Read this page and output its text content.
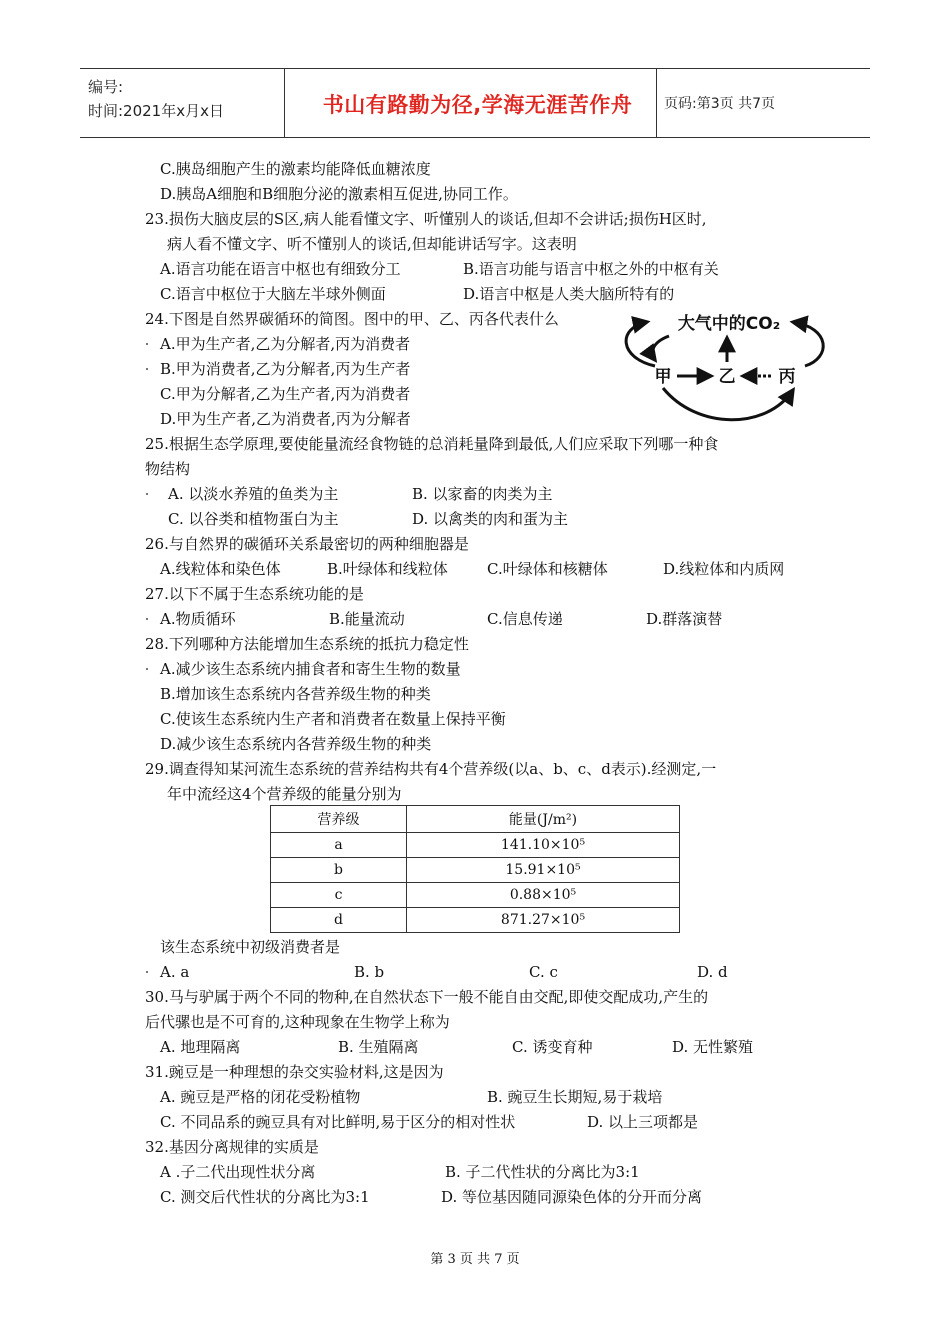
编号:
时间:2021年x月x日	书山有路勤为径,学海无涯苦作舟	页码:第3页 共7页
C.胰岛细胞产生的激素均能降低血糖浓度
D.胰岛A细胞和B细胞分泌的激素相互促进,协同工作。
23.损伤大脑皮层的S区,病人能看懂文字、听懂别人的谈话,但却不会讲话;损伤H区时,
病人看不懂文字、听不懂别人的谈话,但却能讲话写字。这表明
A.语言功能在语言中枢也有细致分工	B.语言功能与语言中枢之外的中枢有关
C.语言中枢位于大脑左半球外侧面	D.语言中枢是人类大脑所特有的
24.下图是自然界碳循环的简图。图中的甲、乙、丙各代表什么
A.甲为生产者,乙为分解者,丙为消费者
B.甲为消费者,乙为分解者,丙为生产者
C.甲为分解者,乙为生产者,丙为消费者
D.甲为生产者,乙为消费者,丙为分解者
大气中的CO₂
甲	乙	丙
25.根据生态学原理,要使能量流经食物链的总消耗量降到最低,人们应采取下列哪一种食
物结构
A. 以淡水养殖的鱼类为主	B. 以家畜的肉类为主
C. 以谷类和植物蛋白为主	D. 以禽类的肉和蛋为主
26.与自然界的碳循环关系最密切的两种细胞器是
A.线粒体和染色体	B.叶绿体和线粒体	C.叶绿体和核糖体	D.线粒体和内质网
27.以下不属于生态系统功能的是
A.物质循环	B.能量流动	C.信息传递	D.群落演替
28.下列哪种方法能增加生态系统的抵抗力稳定性
A.减少该生态系统内捕食者和寄生生物的数量
B.增加该生态系统内各营养级生物的种类
C.使该生态系统内生产者和消费者在数量上保持平衡
D.减少该生态系统内各营养级生物的种类
29.调查得知某河流生态系统的营养结构共有4个营养级(以a、b、c、d表示).经测定,一
年中流经这4个营养级的能量分别为
营养级	能量(J/m²)
a	141.10×10⁵
b	15.91×10⁵
c	0.88×10⁵
d	871.27×10⁵
该生态系统中初级消费者是
A. a	B. b	C. c	D. d
30.马与驴属于两个不同的物种,在自然状态下一般不能自由交配,即使交配成功,产生的
后代骡也是不可育的,这种现象在生物学上称为
A. 地理隔离	B. 生殖隔离	C. 诱变育种	D. 无性繁殖
31.豌豆是一种理想的杂交实验材料,这是因为
A. 豌豆是严格的闭花受粉植物	B. 豌豆生长期短,易于栽培
C. 不同品系的豌豆具有对比鲜明,易于区分的相对性状	D. 以上三项都是
32.基因分离规律的实质是
A .子二代出现性状分离	B. 子二代性状的分离比为3:1
C. 测交后代性状的分离比为3:1	D. 等位基因随同源染色体的分开而分离
第 3 页 共 7 页
